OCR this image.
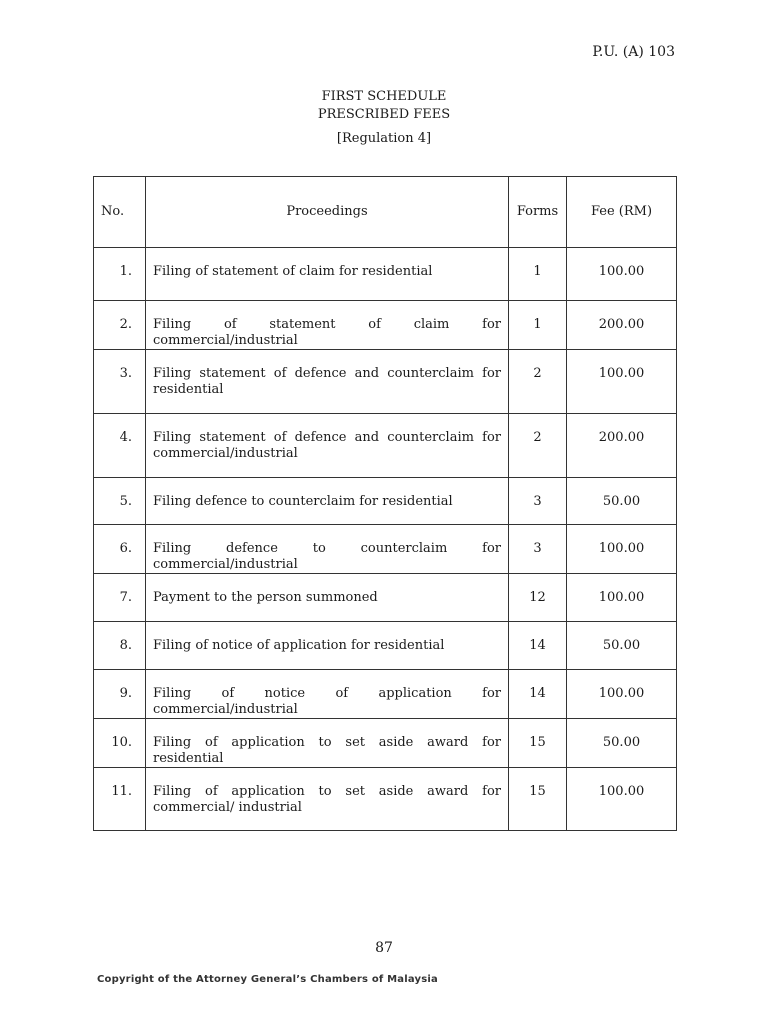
P.U. (A) 103
FIRST SCHEDULE
PRESCRIBED FEES
[Regulation 4]
No.	Proceedings	Forms	Fee (RM)
1.	Filing of statement of claim for residential	1	100.00
2.	Filing of statement of claim for commercial/industrial	1	200.00
3.	Filing statement of defence and counterclaim for residential	2	100.00
4.	Filing statement of defence and counterclaim for commercial/industrial	2	200.00
5.	Filing defence to counterclaim for residential	3	50.00
6.	Filing defence to counterclaim for commercial/industrial	3	100.00
7.	Payment to the person summoned	12	100.00
8.	Filing of notice of application for residential	14	50.00
9.	Filing of notice of application for commercial/industrial	14	100.00
10.	Filing of application to set aside award for residential	15	50.00
11.	Filing of application to set aside award for commercial/ industrial	15	100.00
87
Copyright of the Attorney General’s Chambers of Malaysia
